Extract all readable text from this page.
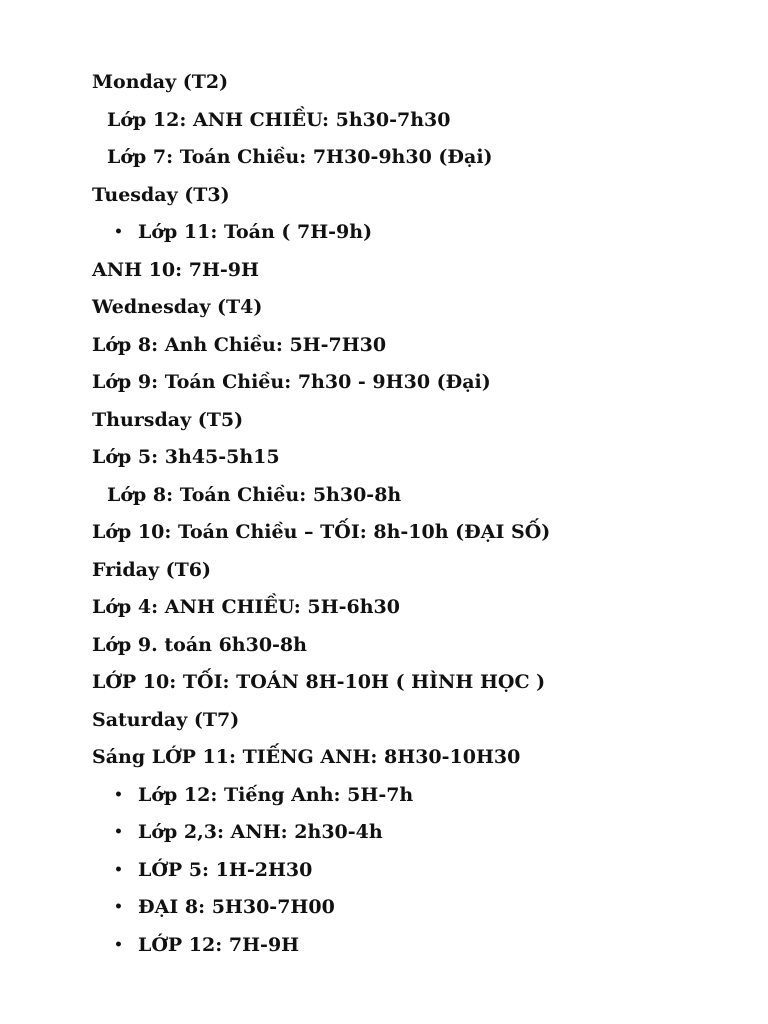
Monday (T2)
Lớp 12: ANH CHIỀU: 5h30-7h30
Lớp 7: Toán Chiều: 7H30-9h30 (Đại)
Tuesday (T3)
• Lớp 11: Toán ( 7H-9h)
ANH 10: 7H-9H
Wednesday (T4)
Lớp 8: Anh Chiều: 5H-7H30
Lớp 9: Toán Chiều: 7h30 - 9H30 (Đại)
Thursday (T5)
Lớp 5: 3h45-5h15
Lớp 8: Toán Chiều: 5h30-8h
Lớp 10: Toán Chiều – TỐI: 8h-10h (ĐẠI SỐ)
Friday (T6)
Lớp 4: ANH CHIỀU: 5H-6h30
Lớp 9. toán 6h30-8h
LỚP 10: TỐI: TOÁN 8H-10H ( HÌNH HỌC )
Saturday (T7)
Sáng LỚP 11: TIẾNG ANH: 8H30-10H30
• Lớp 12: Tiếng Anh: 5H-7h
• Lớp 2,3: ANH: 2h30-4h
• LỚP 5: 1H-2H30
• ĐẠI 8: 5H30-7H00
• LỚP 12: 7H-9H
